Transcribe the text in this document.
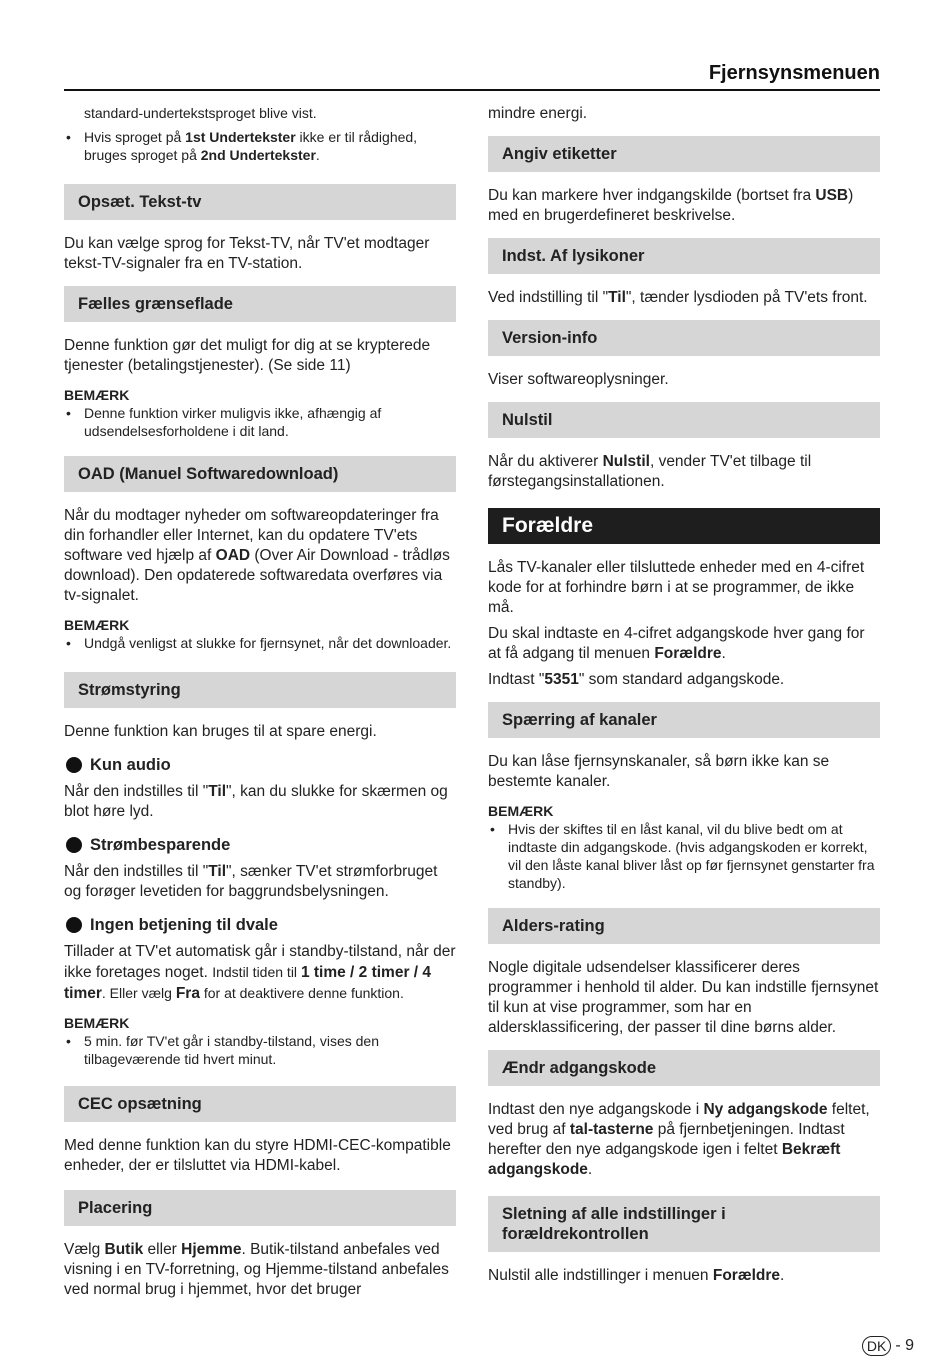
Fjernsynsmenuen

standard-undertekstsproget blive vist.

• Hvis sproget på 1st Undertekster ikke er til rådighed, bruges sproget på 2nd Undertekster.
Opsæt. Tekst-tv

Du kan vælge sprog for Tekst-TV, når TV'et modtager tekst-TV-signaler fra en TV-station.

Fælles grænseflade

Denne funktion gør det muligt for dig at se krypterede tjenester (betalingstjenester). (Se side 11)

BEMÆRK
• Denne funktion virker muligvis ikke, afhængig af udsendelsesforholdene i dit land.
OAD (Manuel Softwaredownload)

Når du modtager nyheder om softwareopdateringer fra din forhandler eller Internet, kan du opdatere TV'ets software ved hjælp af OAD (Over Air Download - trådløs download). Den opdaterede softwaredata overføres via tv-signalet.

BEMÆRK
• Undgå venligst at slukke for fjernsynet, når det downloader.
Strømstyring

Denne funktion kan bruges til at spare energi.

Kun audio

Når den indstilles til "Til", kan du slukke for skærmen og blot høre lyd.

Strømbesparende

Når den indstilles til "Til", sænker TV'et strømforbruget og forøger levetiden for baggrundsbelysningen.

Ingen betjening til dvale

Tillader at TV'et automatisk går i standby-tilstand, når der ikke foretages noget. Indstil tiden til 1 time / 2 timer / 4 timer. Eller vælg Fra for at deaktivere denne funktion.

BEMÆRK
• 5 min. før TV'et går i standby-tilstand, vises den tilbageværende tid hvert minut.
CEC opsætning

Med denne funktion kan du styre HDMI-CEC-kompatible enheder, der er tilsluttet via HDMI-kabel.

Placering

Vælg Butik eller Hjemme. Butik-tilstand anbefales ved visning i en TV-forretning, og Hjemme-tilstand anbefales ved normal brug i hjemmet, hvor det bruger

mindre energi.

Angiv etiketter

Du kan markere hver indgangskilde (bortset fra USB) med en brugerdefineret beskrivelse.

Indst. Af lysikoner

Ved indstilling til "Til", tænder lysdioden på TV'ets front.

Version-info

Viser softwareoplysninger.

Nulstil

Når du aktiverer Nulstil, vender TV'et tilbage til førstegangsinstallationen.

Forældre

Lås TV-kanaler eller tilsluttede enheder med en 4-cifret kode for at forhindre børn i at se programmer, de ikke må.

Du skal indtaste en 4-cifret adgangskode hver gang for at få adgang til menuen Forældre.

Indtast "5351" som standard adgangskode.

Spærring af kanaler

Du kan låse fjernsynskanaler, så børn ikke kan se bestemte kanaler.

BEMÆRK
• Hvis der skiftes til en låst kanal, vil du blive bedt om at indtaste din adgangskode. (hvis adgangskoden er korrekt, vil den låste kanal bliver låst op før fjernsynet genstarter fra standby).
Alders-rating

Nogle digitale udsendelser klassificerer deres programmer i henhold til alder. Du kan indstille fjernsynet til kun at vise programmer, som har en aldersklassificering, der passer til dine børns alder.

Ændr adgangskode

Indtast den nye adgangskode i Ny adgangskode feltet, ved brug af tal-tasterne på fjernbetjeningen. Indtast herefter den nye adgangskode igen i feltet Bekræft adgangskode.

Sletning af alle indstillinger i forældrekontrollen

Nulstil alle indstillinger i menuen Forældre.

DK - 9
